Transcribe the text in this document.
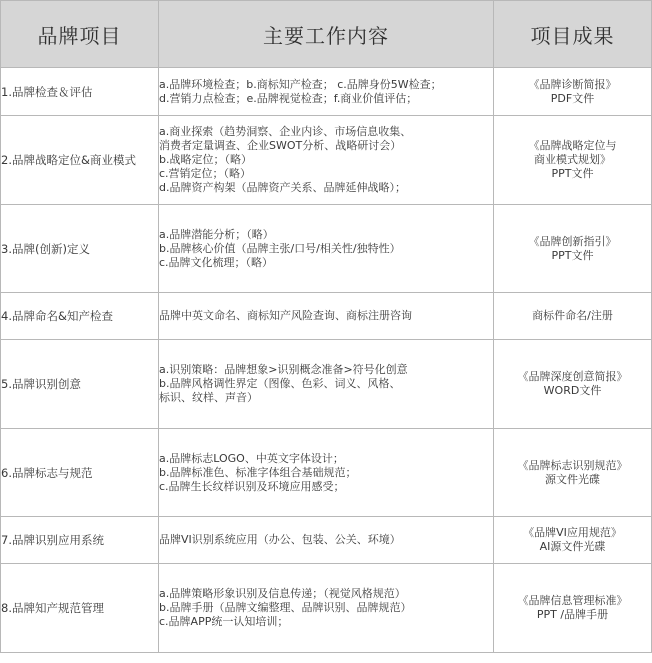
品牌项目	主要工作内容	项目成果
1.品牌检查＆评估	a.品牌环境检查；b.商标知产检查； c.品牌身份5W检查；
d.营销力点检查；e.品牌视觉检查；f.商业价值评估；	《品牌诊断简报》
PDF文件

2.品牌战略定位&商业模式	a.商业探索（趋势洞察、企业内诊、市场信息收集、
消费者定量调查、企业SWOT分析、战略研讨会）
b.战略定位；（略）
c.营销定位；（略）
d.品牌资产构架（品牌资产关系、品牌延伸战略）；	《品牌战略定位与
商业模式规划》
PPT文件

3.品牌(创新)定义	a.品牌潜能分析；（略）
b.品牌核心价值（品牌主张/口号/相关性/独特性）
c.品牌文化梳理；（略）	《品牌创新指引》
PPT文件

4.品牌命名&知产检查	品牌中英文命名、商标知产风险查询、商标注册咨询	商标件命名/注册

5.品牌识别创意	a.识别策略：品牌想象>识别概念准备>符号化创意
b.品牌风格调性界定（图像、色彩、词义、风格、
标识、纹样、声音）	《品牌深度创意简报》
WORD文件

6.品牌标志与规范	a.品牌标志LOGO、中英文字体设计；
b.品牌标准色、标准字体组合基础规范；
c.品牌生长纹样识别及环境应用感受；	《品牌标志识别规范》
源文件光碟

7.品牌识别应用系统	品牌VI识别系统应用（办公、包装、公关、环境）	《品牌VI应用规范》
AI源文件光碟

8.品牌知产规范管理	a.品牌策略形象识别及信息传递；（视觉风格规范）
b.品牌手册（品牌文编整理、品牌识别、品牌规范）
c.品牌APP统一认知培训；	《品牌信息管理标准》
PPT /品牌手册
